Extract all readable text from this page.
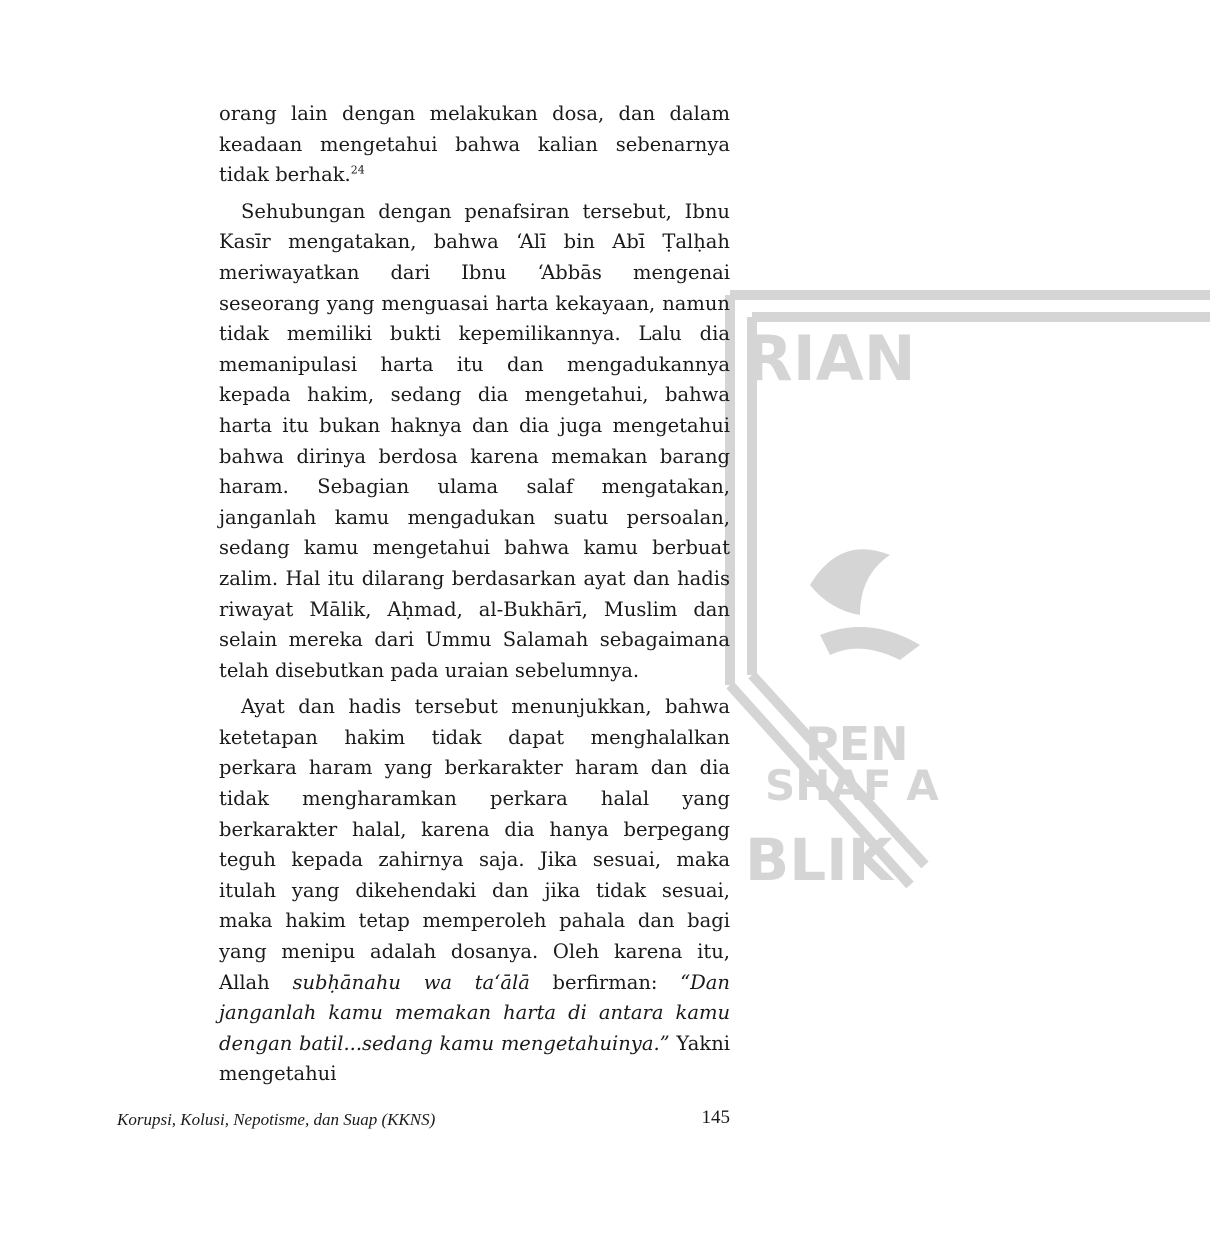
RIAN
PEN
SHAF A
BLIK

orang lain dengan melakukan dosa, dan dalam keadaan mengetahui bahwa kalian sebenarnya tidak berhak.$^{24}$

Sehubungan dengan penafsiran tersebut, Ibnu Kasīr mengatakan, bahwa ‘Alī bin Abī Ṭalḥah meriwayatkan dari Ibnu ‘Abbās mengenai seseorang yang menguasai harta kekayaan, namun tidak memiliki bukti kepemilikannya. Lalu dia memanipulasi harta itu dan mengadukannya kepada hakim, sedang dia mengetahui, bahwa harta itu bukan haknya dan dia juga mengetahui bahwa dirinya berdosa karena memakan barang haram. Sebagian ulama salaf mengatakan, janganlah kamu mengadukan suatu persoalan, sedang kamu mengetahui bahwa kamu berbuat zalim. Hal itu dilarang berdasarkan ayat dan hadis riwayat Mālik, Aḥmad, al-Bukhārī, Muslim dan selain mereka dari Ummu Salamah sebagaimana telah disebutkan pada uraian sebelumnya.

Ayat dan hadis tersebut menunjukkan, bahwa ketetapan hakim tidak dapat menghalalkan perkara haram yang berkarakter haram dan dia tidak mengharamkan perkara halal yang berkarakter halal, karena dia hanya berpegang teguh kepada zahirnya saja. Jika sesuai, maka itulah yang dikehendaki dan jika tidak sesuai, maka hakim tetap memperoleh pahala dan bagi yang menipu adalah dosanya. Oleh karena itu, Allah subḥānahu wa ta‘ālā berfirman: “Dan janganlah kamu memakan harta di antara kamu dengan batil...sedang kamu mengetahuinya.” Yakni mengetahui

Korupsi, Kolusi, Nepotisme, dan Suap (KKNS)	145
